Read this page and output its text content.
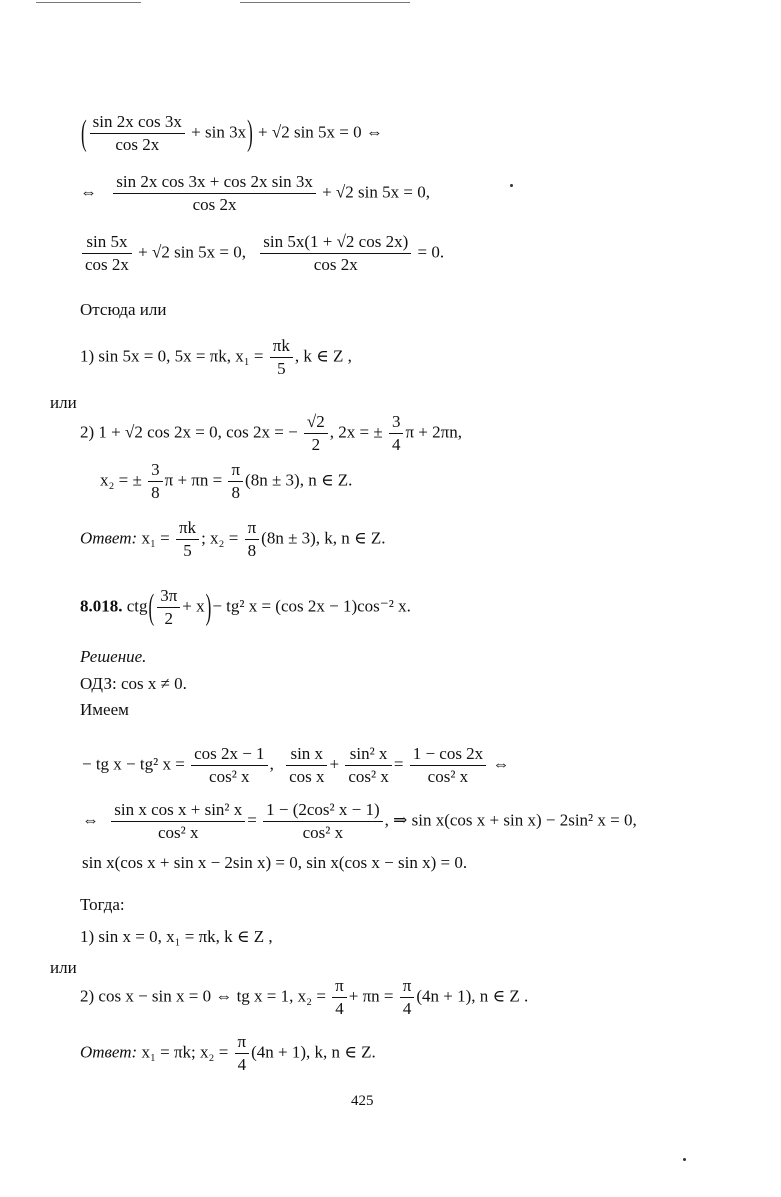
( $\frac{\text{sin 2x cos 3x}}{\cos 2x} + \sin 3x) + √2$ sin 5x = 0 ⇔
⇔ $\frac{\text{sin 2x cos 3x + cos 2x sin 3x}}{\cos 2x} + √2$ sin 5x = 0,
$\frac{\sin 5x}{\cos 2x} + √2$ sin 5x = 0, $\frac{\sin 5x(1 + √2 \cos 2x)}{\cos 2x} = 0$.
Отсюда или
1) sin 5x = 0, 5x = πk, $x_1 = \frac{\pi k}{5}$ , k ∈ Z ,
или
2) 1 + √2 cos 2x = 0, cos 2x = − $\frac{√2}{2}$ , 2x = ± $\frac{3}{4}$ π + 2πn,
x₂ = ± $\frac{3}{8}$ $\pi + \pi n = \frac{\pi}{8} (8n \pm 3)$, n ∈ Z.
Ответ: $x_1 = \frac{\pi k}{5}$ ; $x_2 = \frac{\pi}{8} (8n \pm 3)$, k, n ∈ Z.
8.018. $ctg( \frac{3\pi}{2} + x)- tg^2$ x = (cos 2x − 1)cos⁻² x.
Решение.
ОДЗ: cos x ≠ 0.
Имеем
− tg x − tg² $x = \frac{\cos 2x - 1}{\text{cos² x}}$ , $\frac{\text{sin x}}{\text{cos x}} + \frac{\text{sin² x}}{\text{cos² x}} = \frac{1 - \cos 2x}{\text{cos² x}}$ ⇔
⇔ $\frac{\text{sin x cos x + sin² x}}{\text{cos² x}} = \frac{\text{1 − (2cos² x − 1)}}{\text{cos² x}}$ , ⇒ sin x(cos x + sin x) − 2sin² x = 0,
sin x(cos x + sin x − 2sin x) = 0, sin x(cos x − sin x) = 0.
Тогда:
1) sin x = 0, x₁ = πk, k ∈ Z ,
или
2) cos x − sin x = 0 ⇔ tg x = 1, $x_2 = \frac{\pi}{4} + \pi n = \frac{\pi}{4} (4n + 1)$, n ∈ Z .
Ответ: x₁ = πk; $x_2 = \frac{\pi}{4} (4n + 1)$, k, n ∈ Z.
425
